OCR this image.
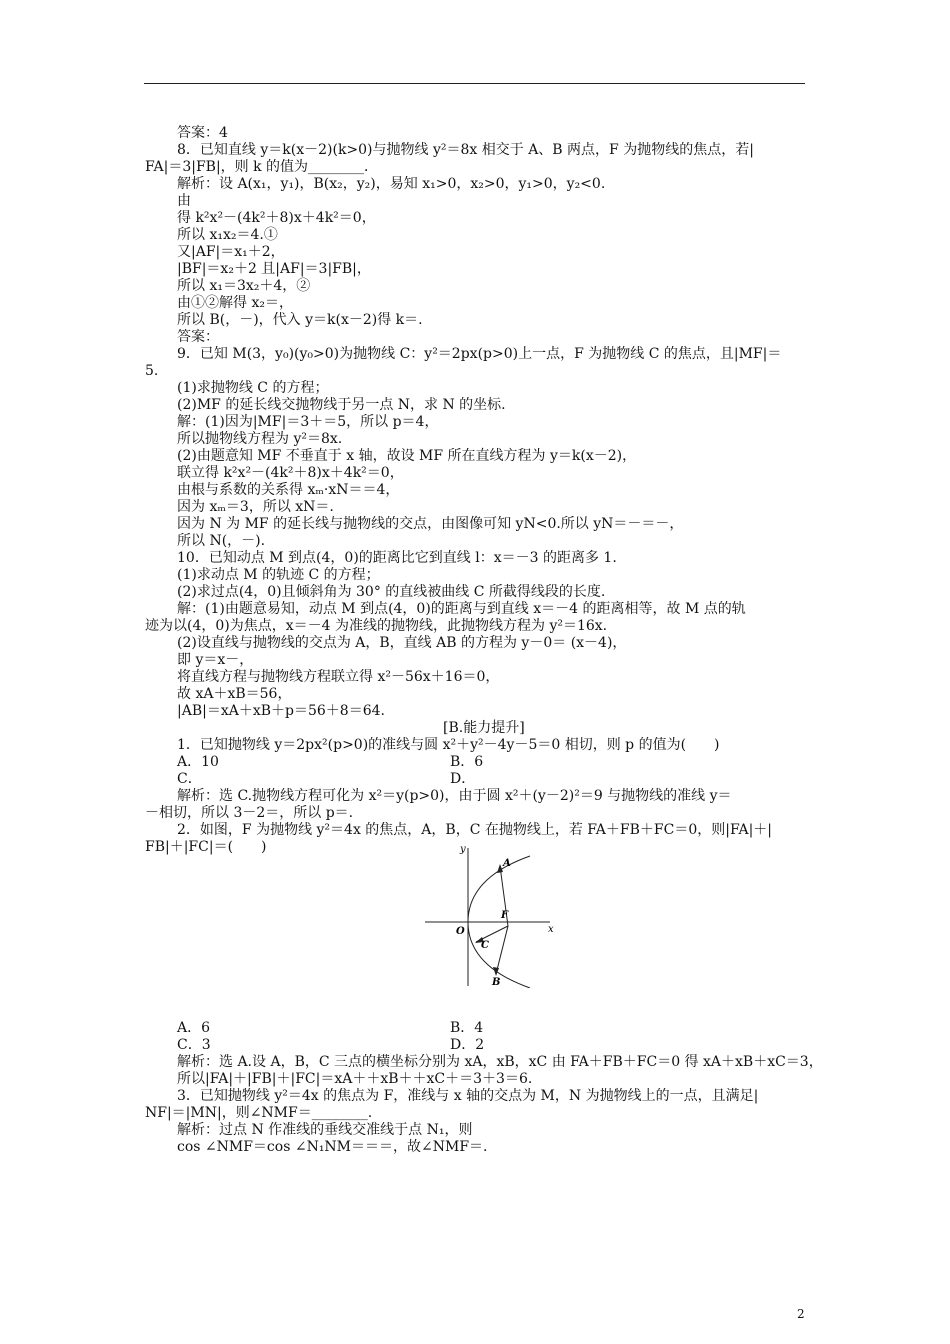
答案：4
8．已知直线 y＝k(x－2)(k>0)与抛物线 y²＝8x 相交于 A、B 两点，F 为抛物线的焦点，若|
FA|＝3|FB|，则 k 的值为________．
解析：设 A(x₁，y₁)，B(x₂，y₂)，易知 x₁>0，x₂>0，y₁>0，y₂<0.
由
得 k²x²－(4k²＋8)x＋4k²＝0，
所以 x₁x₂＝4.①
又|AF|＝x₁＋2，
|BF|＝x₂＋2 且|AF|＝3|FB|，
所以 x₁＝3x₂＋4，②
由①②解得 x₂＝，
所以 B(，－)，代入 y＝k(x－2)得 k＝.
答案：
9．已知 M(3，y₀)(y₀>0)为抛物线 C：y²＝2px(p>0)上一点，F 为抛物线 C 的焦点，且|MF|＝
5.
(1)求抛物线 C 的方程；
(2)MF 的延长线交抛物线于另一点 N，求 N 的坐标.
解：(1)因为|MF|＝3＋＝5，所以 p＝4，
所以抛物线方程为 y²＝8x.
(2)由题意知 MF 不垂直于 x 轴，故设 MF 所在直线方程为 y＝k(x－2)，
联立得 k²x²－(4k²＋8)x＋4k²＝0，
由根与系数的关系得 xₘ·xN＝＝4，
因为 xₘ＝3，所以 xN＝.
因为 N 为 MF 的延长线与抛物线的交点，由图像可知 yN<0.所以 yN＝－＝－，
所以 N(，－).
10．已知动点 M 到点(4，0)的距离比它到直线 l：x＝－3 的距离多 1.
(1)求动点 M 的轨迹 C 的方程；
(2)求过点(4，0)且倾斜角为 30° 的直线被曲线 C 所截得线段的长度.
解：(1)由题意易知，动点 M 到点(4，0)的距离与到直线 x＝－4 的距离相等，故 M 点的轨
迹为以(4，0)为焦点，x＝－4 为准线的抛物线，此抛物线方程为 y²＝16x.
(2)设直线与抛物线的交点为 A，B，直线 AB 的方程为 y－0＝ (x－4)，
即 y＝x－，
将直线方程与抛物线方程联立得 x²－56x＋16＝0，
故 xA＋xB＝56，
|AB|＝xA＋xB＋p＝56＋8＝64.
[B.能力提升]
1．已知抛物线 y＝2px²(p>0)的准线与圆 x²＋y²－4y－5＝0 相切，则 p 的值为(　　)
A．10	B．6
C．	D．
解析：选 C.抛物线方程可化为 x²＝y(p>0)，由于圆 x²＋(y－2)²＝9 与抛物线的准线 y＝
－相切，所以 3－2＝，所以 p＝.
2．如图，F 为抛物线 y²＝4x 的焦点，A，B，C 在抛物线上，若 FA＋FB＋FC＝0，则|FA|＋|
FB|＋|FC|＝(　　)
A．6	B．4
C．3	D．2
解析：选 A.设 A，B，C 三点的横坐标分别为 xA，xB，xC 由 FA＋FB＋FC＝0 得 xA＋xB＋xC＝3，
所以|FA|＋|FB|＋|FC|＝xA＋＋xB＋＋xC＋＝3＋3＝6.
3．已知抛物线 y²＝4x 的焦点为 F，准线与 x 轴的交点为 M，N 为抛物线上的一点，且满足|
NF|＝|MN|，则∠NMF＝________.
解析：过点 N 作准线的垂线交准线于点 N₁，则
cos ∠NMF＝cos ∠N₁NM＝＝＝，故∠NMF＝.
y
x
O
A
F
C
B
2
